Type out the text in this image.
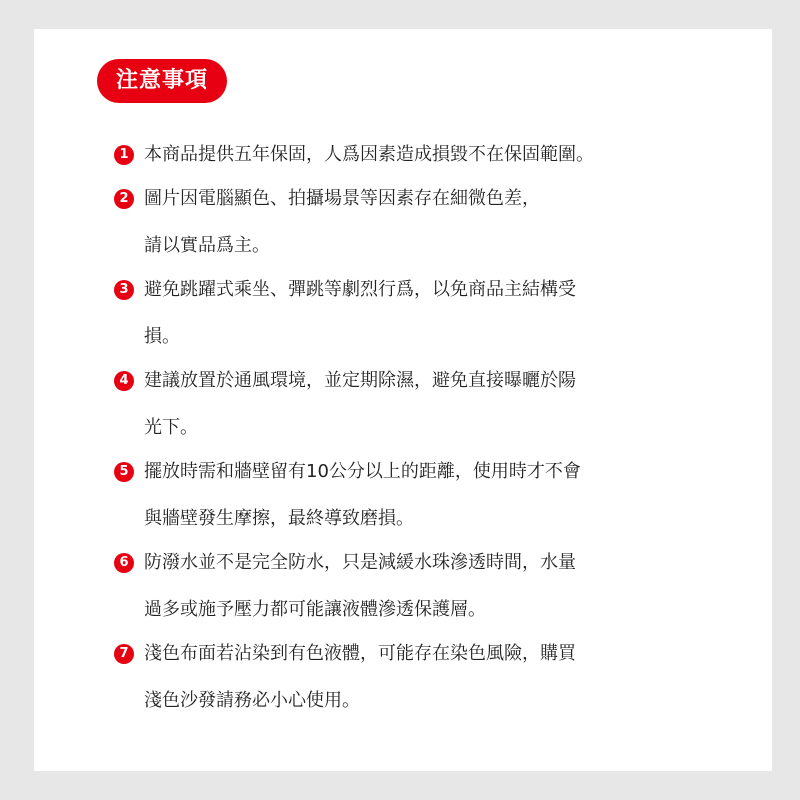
注意事項
1 本商品提供五年保固，人爲因素造成損毀不在保固範圍。
2 圖片因電腦顯色、拍攝場景等因素存在細微色差，
請以實品爲主。
3 避免跳躍式乘坐、彈跳等劇烈行爲，以免商品主結構受
損。
4 建議放置於通風環境，並定期除濕，避免直接曝曬於陽
光下。
5 擺放時需和牆壁留有10公分以上的距離，使用時才不會
與牆壁發生摩擦，最終導致磨損。
6 防潑水並不是完全防水，只是減緩水珠滲透時間，水量
過多或施予壓力都可能讓液體滲透保護層。
7 淺色布面若沾染到有色液體，可能存在染色風險，購買
淺色沙發請務必小心使用。
